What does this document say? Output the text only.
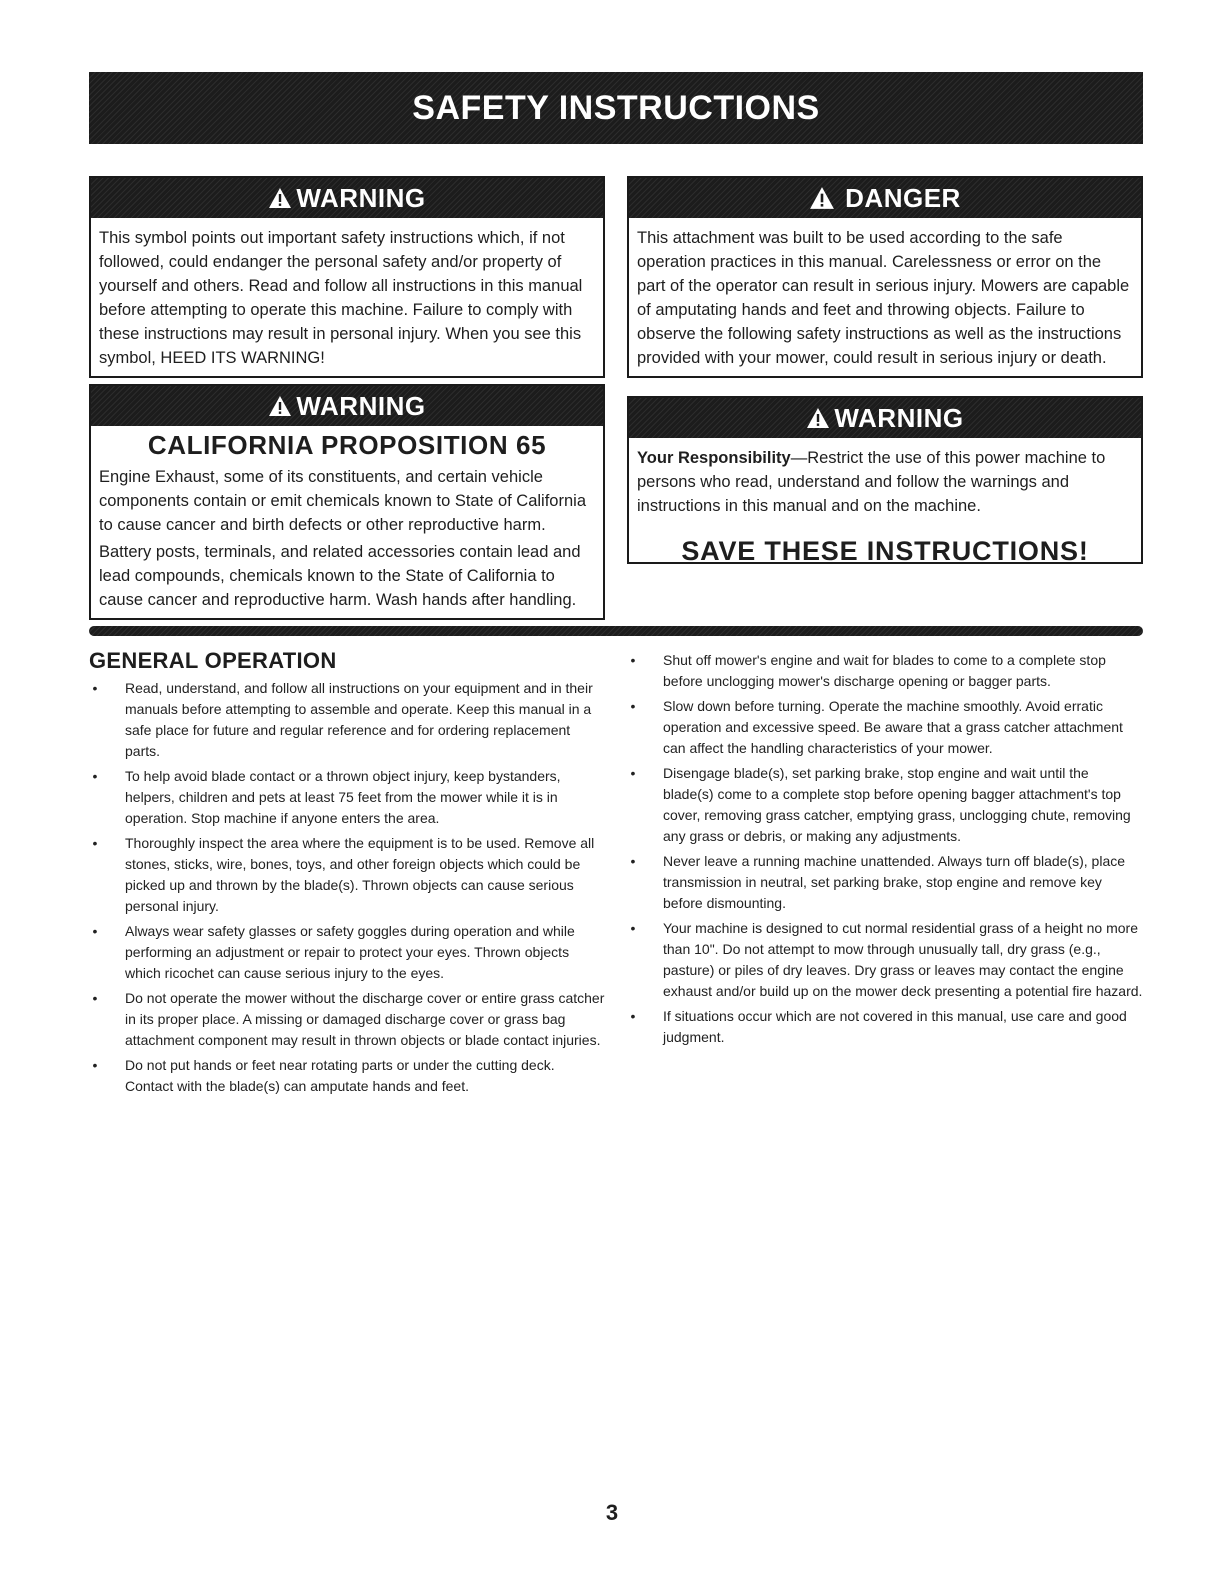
SAFETY INSTRUCTIONS
WARNING

This symbol points out important safety instructions which, if not followed, could endanger the personal safety and/or property of yourself and others. Read and follow all instructions in this manual before attempting to operate this machine. Failure to comply with these instructions may result in personal injury. When you see this symbol, HEED ITS WARNING!

DANGER

This attachment was built to be used according to the safe operation practices in this manual. Carelessness or error on the part of the operator can result in serious injury. Mowers are capable of amputating hands and feet and throwing objects. Failure to observe the following safety instructions as well as the instructions provided with your mower, could result in serious injury or death.

WARNING
CALIFORNIA PROPOSITION 65

Engine Exhaust, some of its constituents, and certain vehicle components contain or emit chemicals known to State of California to cause cancer and birth defects or other reproductive harm.

Battery posts, terminals, and related accessories contain lead and lead compounds, chemicals known to the State of California to cause cancer and reproductive harm. Wash hands after handling.

WARNING

Your Responsibility—Restrict the use of this power machine to persons who read, understand and follow the warnings and instructions in this manual and on the machine.

SAVE THESE INSTRUCTIONS!
GENERAL OPERATION
• Read, understand, and follow all instructions on your equipment and in their manuals before attempting to assemble and operate. Keep this manual in a safe place for future and regular reference and for ordering replacement parts.
• To help avoid blade contact or a thrown object injury, keep bystanders, helpers, children and pets at least 75 feet from the mower while it is in operation. Stop machine if anyone enters the area.
• Thoroughly inspect the area where the equipment is to be used. Remove all stones, sticks, wire, bones, toys, and other foreign objects which could be picked up and thrown by the blade(s). Thrown objects can cause serious personal injury.
• Always wear safety glasses or safety goggles during operation and while performing an adjustment or repair to protect your eyes. Thrown objects which ricochet can cause serious injury to the eyes.
• Do not operate the mower without the discharge cover or entire grass catcher in its proper place. A missing or damaged discharge cover or grass bag attachment component may result in thrown objects or blade contact injuries.
• Do not put hands or feet near rotating parts or under the cutting deck. Contact with the blade(s) can amputate hands and feet.
• Shut off mower's engine and wait for blades to come to a complete stop before unclogging mower's discharge opening or bagger parts.
• Slow down before turning. Operate the machine smoothly. Avoid erratic operation and excessive speed. Be aware that a grass catcher attachment can affect the handling characteristics of your mower.
• Disengage blade(s), set parking brake, stop engine and wait until the blade(s) come to a complete stop before opening bagger attachment's top cover, removing grass catcher, emptying grass, unclogging chute, removing any grass or debris, or making any adjustments.
• Never leave a running machine unattended. Always turn off blade(s), place transmission in neutral, set parking brake, stop engine and remove key before dismounting.
• Your machine is designed to cut normal residential grass of a height no more than 10". Do not attempt to mow through unusually tall, dry grass (e.g., pasture) or piles of dry leaves. Dry grass or leaves may contact the engine exhaust and/or build up on the mower deck presenting a potential fire hazard.
• If situations occur which are not covered in this manual, use care and good judgment.
3
